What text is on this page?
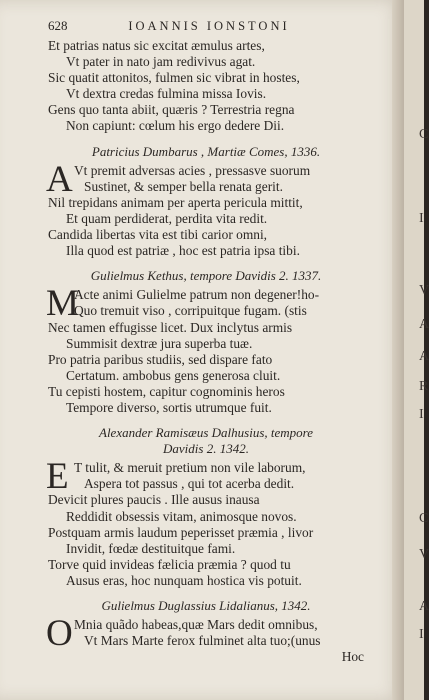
C
I
V
A
A
R
I
C
V
A
I
628	IOANNIS IONSTONI
Et patrias natus sic excitat æmulus artes,
Vt pater in nato jam redivivus agat.
Sic quatit attonitos, fulmen sic vibrat in hostes,
Vt dextra credas fulmina missa Iovis.
Gens quo tanta abiit, quæris ? Terrestria regna
Non capiunt: cœlum his ergo dedere Dii.
Patricius Dumbarus , Martiæ Comes, 1336.
A Vt premit adversas acies , pressasve suorum
Sustinet, & semper bella renata gerit.
Nil trepidans animam per aperta pericula mittit,
Et quam perdiderat, perdita vita redit.
Candida libertas vita est tibi carior omni,
Illa quod est patriæ , hoc est patria ipsa tibi.
Gulielmus Kethus, tempore Davidis 2. 1337.
M
Acte animi Gulielme patrum non degener!ho-
Quo tremuit viso , corripuitque fugam. (stis
Nec tamen effugisse licet. Dux inclytus armis
Summisit dextræ jura superba tuæ.
Pro patria paribus studiis, sed dispare fato
Certatum. ambobus gens generosa cluit.
Tu cepisti hostem, capitur cognominis heros
Tempore diverso, sortis utrumque fuit.
Alexander Ramisæus Dalhusius, tempore
Davidis 2. 1342.
E T tulit, & meruit pretium non vile laborum,
Aspera tot passus , qui tot acerba dedit.
Devicit plures paucis . Ille ausus inausa
Reddidit obsessis vitam, animosque novos.
Postquam armis laudum peperisset præmia , livor
Invidit, fœdæ destituitque fami.
Torve quid invideas fælicia præmia ? quod tu
Ausus eras, hoc nunquam hostica vis potuit.
Gulielmus Duglassius Lidalianus, 1342.
O Mnia quãdo habeas,quæ Mars dedit omnibus,
Vt Mars Marte ferox fulminet alta tuo;(unus
Hoc
